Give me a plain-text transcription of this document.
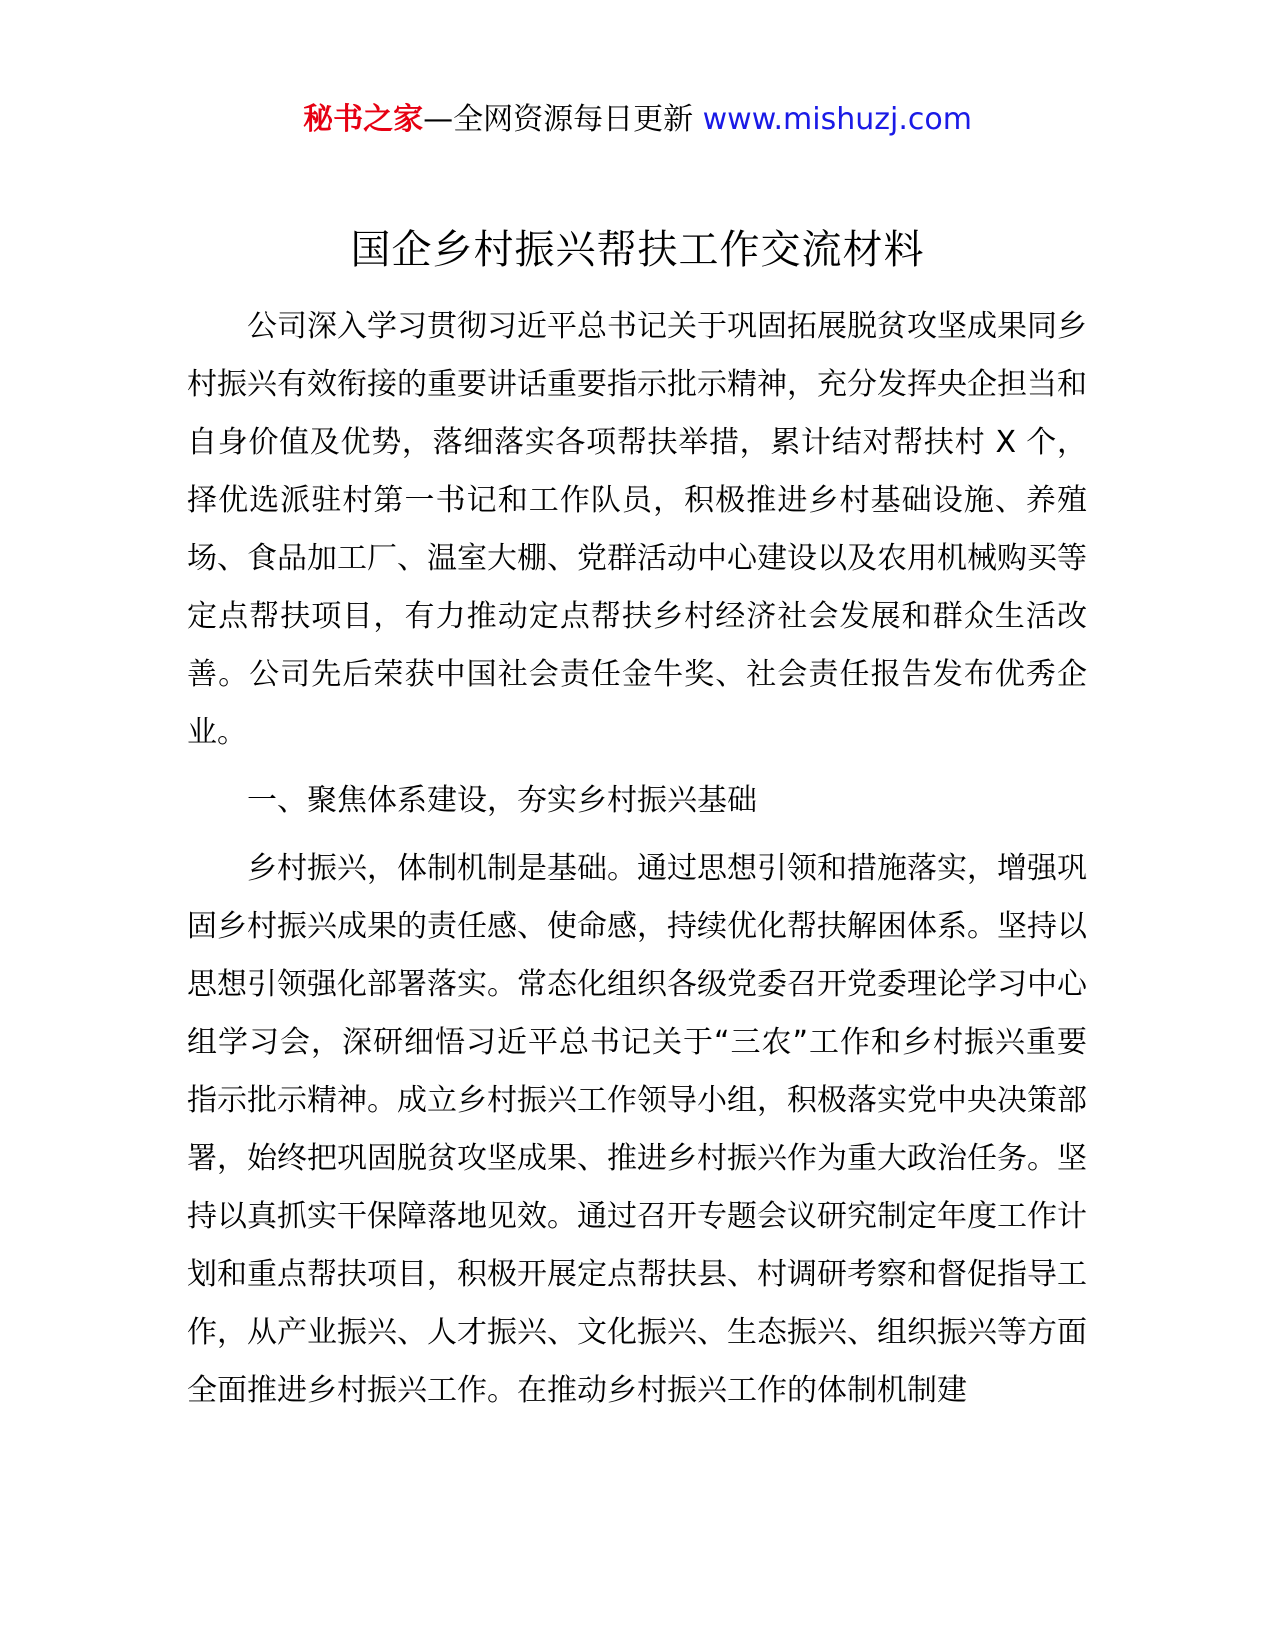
秘书之家—全网资源每日更新 www.mishuzj.com
国企乡村振兴帮扶工作交流材料

公司深入学习贯彻习近平总书记关于巩固拓展脱贫攻坚成果同乡村振兴有效衔接的重要讲话重要指示批示精神，充分发挥央企担当和自身价值及优势，落细落实各项帮扶举措，累计结对帮扶村 X 个，择优选派驻村第一书记和工作队员，积极推进乡村基础设施、养殖场、食品加工厂、温室大棚、党群活动中心建设以及农用机械购买等定点帮扶项目，有力推动定点帮扶乡村经济社会发展和群众生活改善。公司先后荣获中国社会责任金牛奖、社会责任报告发布优秀企业。

一、聚焦体系建设，夯实乡村振兴基础

乡村振兴，体制机制是基础。通过思想引领和措施落实，增强巩固乡村振兴成果的责任感、使命感，持续优化帮扶解困体系。坚持以思想引领强化部署落实。常态化组织各级党委召开党委理论学习中心组学习会，深研细悟习近平总书记关于“三农”工作和乡村振兴重要指示批示精神。成立乡村振兴工作领导小组，积极落实党中央决策部署，始终把巩固脱贫攻坚成果、推进乡村振兴作为重大政治任务。坚持以真抓实干保障落地见效。通过召开专题会议研究制定年度工作计划和重点帮扶项目，积极开展定点帮扶县、村调研考察和督促指导工作，从产业振兴、人才振兴、文化振兴、生态振兴、组织振兴等方面全面推进乡村振兴工作。在推动乡村振兴工作的体制机制建
